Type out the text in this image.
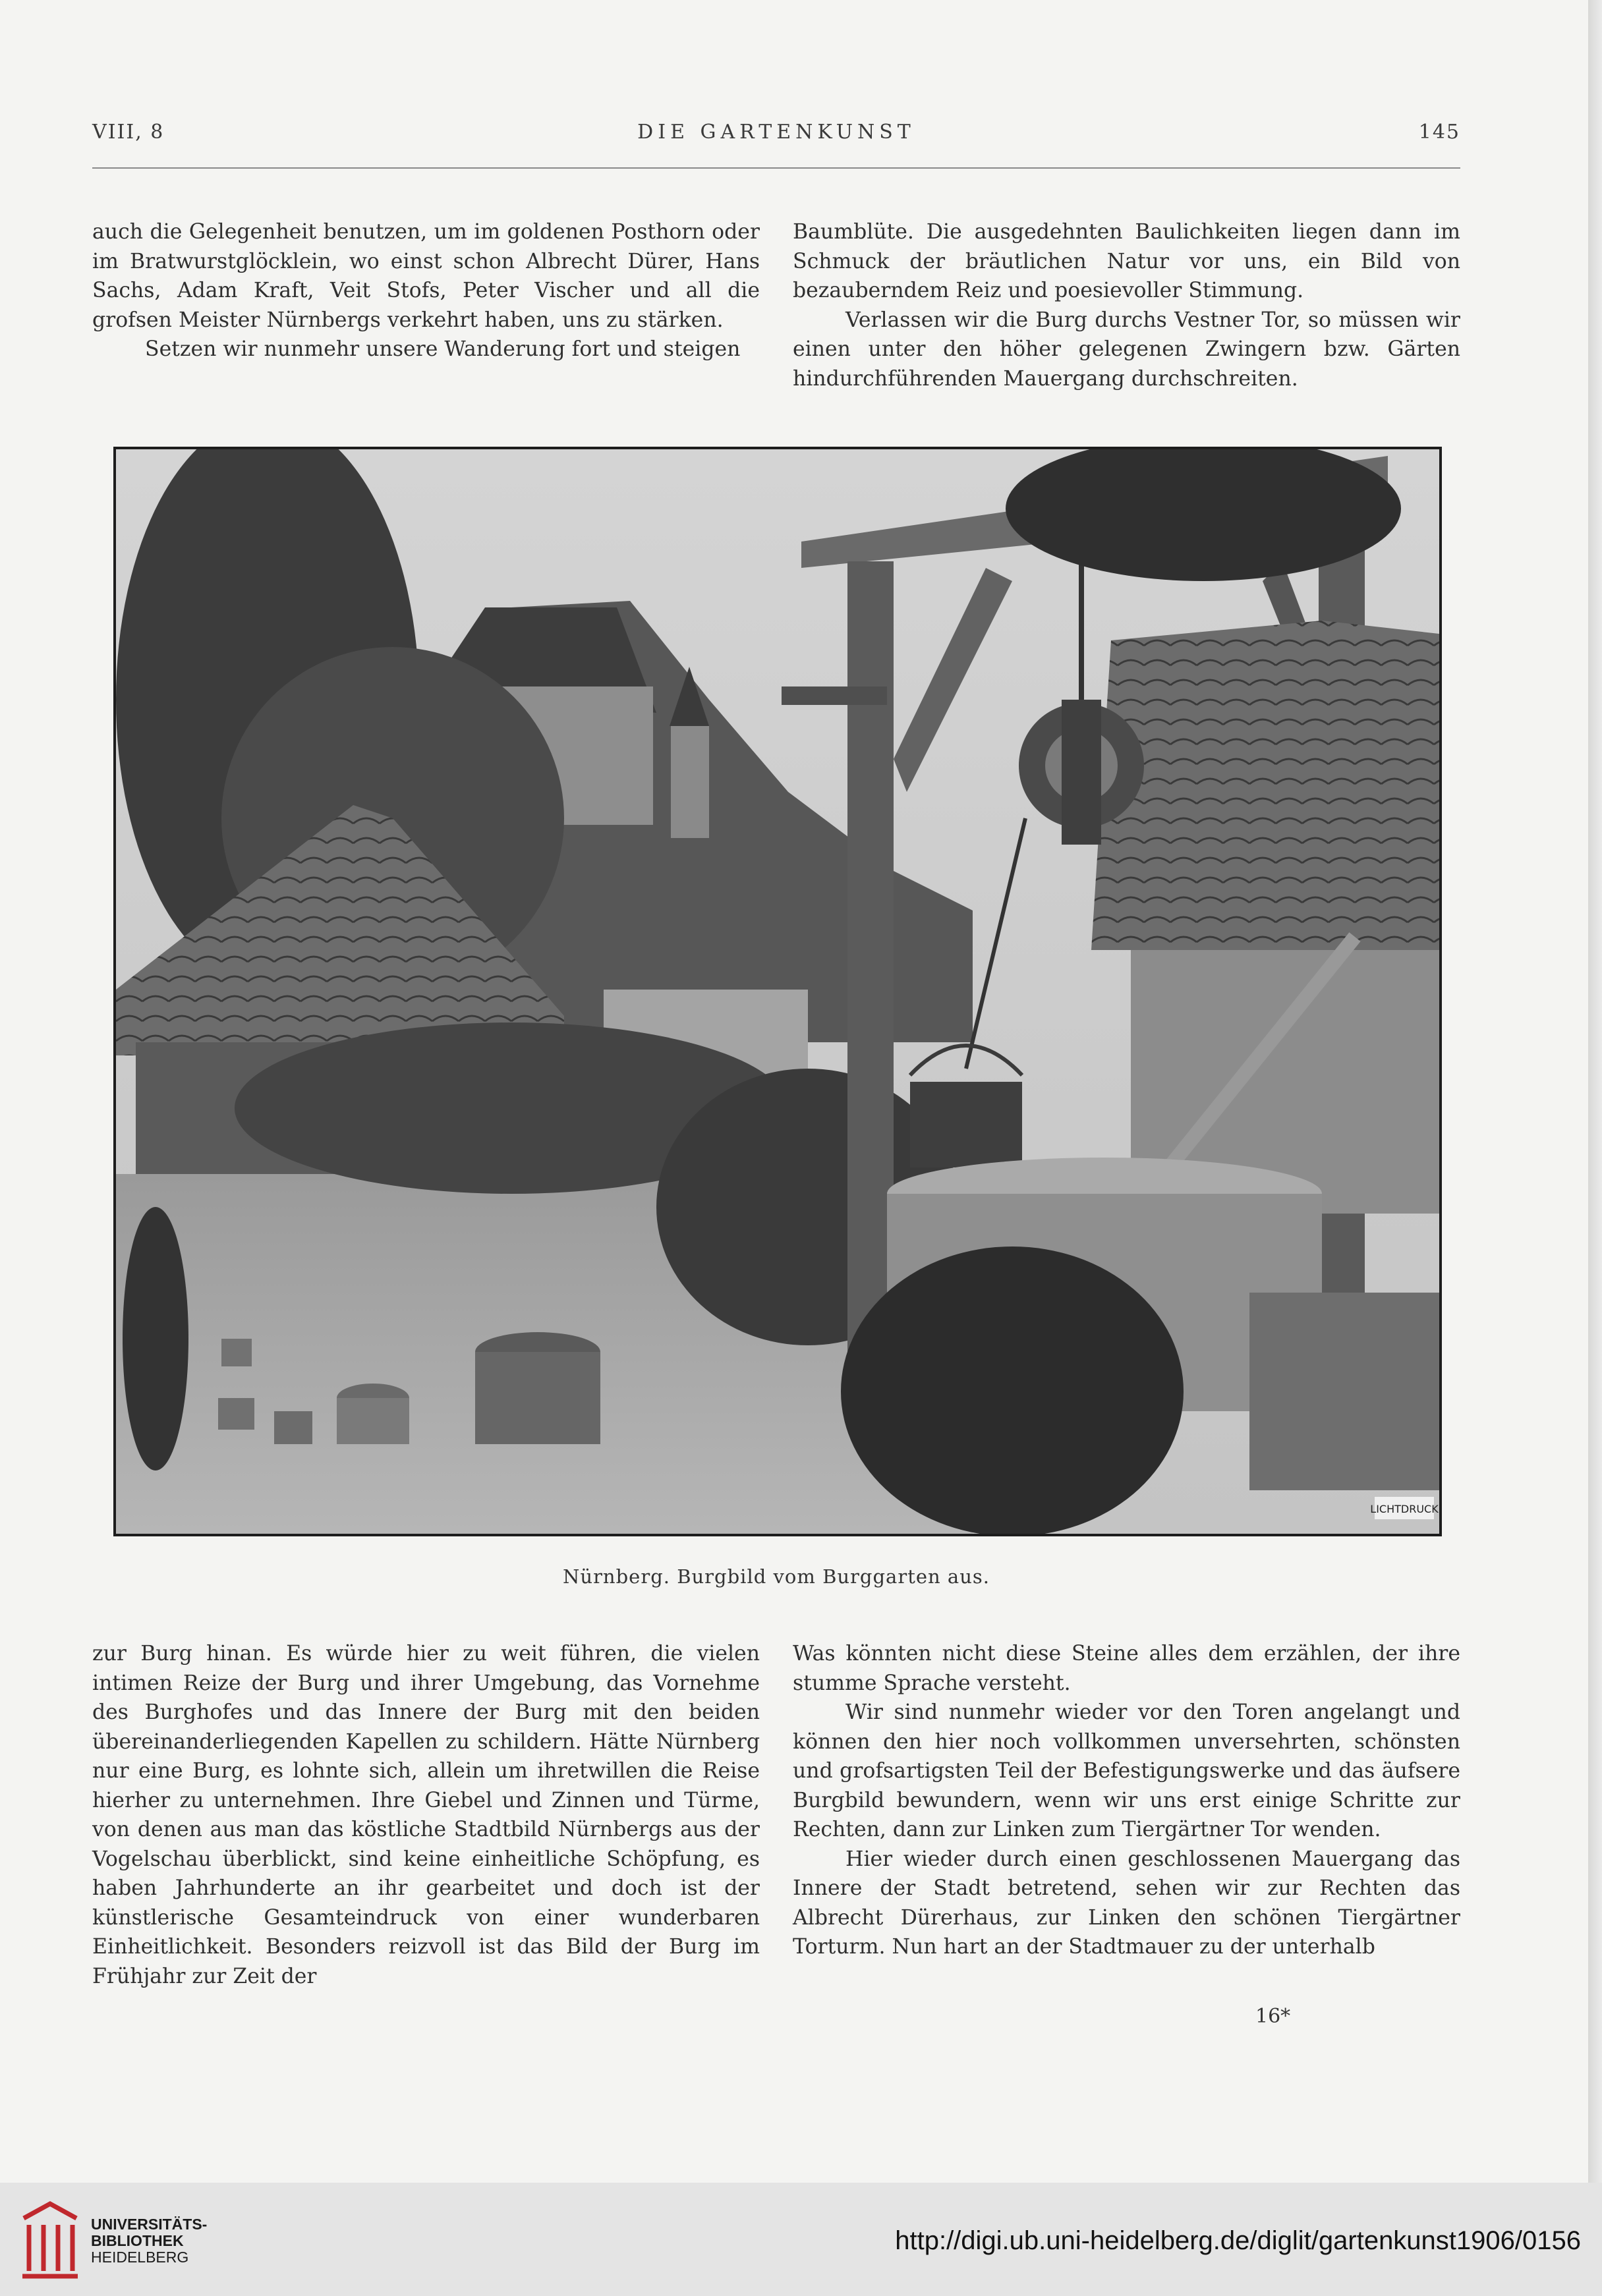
VIII, 8	DIE GARTENKUNST	145

auch die Gelegenheit benutzen, um im goldenen Posthorn oder im Bratwurstglöcklein, wo einst schon Albrecht Dürer, Hans Sachs, Adam Kraft, Veit Stofs, Peter Vischer und all die grofsen Meister Nürnbergs verkehrt haben, uns zu stärken.

Setzen wir nunmehr unsere Wanderung fort und steigen

Baumblüte. Die ausgedehnten Baulichkeiten liegen dann im Schmuck der bräutlichen Natur vor uns, ein Bild von bezauberndem Reiz und poesievoller Stimmung.

Verlassen wir die Burg durchs Vestner Tor, so müssen wir einen unter den höher gelegenen Zwingern bzw. Gärten hindurchführenden Mauergang durchschreiten.

LICHTDRUCK
Nürnberg. Burgbild vom Burggarten aus.

zur Burg hinan. Es würde hier zu weit führen, die vielen intimen Reize der Burg und ihrer Umgebung, das Vornehme des Burghofes und das Innere der Burg mit den beiden übereinanderliegenden Kapellen zu schildern. Hätte Nürnberg nur eine Burg, es lohnte sich, allein um ihretwillen die Reise hierher zu unternehmen. Ihre Giebel und Zinnen und Türme, von denen aus man das köstliche Stadtbild Nürnbergs aus der Vogelschau überblickt, sind keine einheitliche Schöpfung, es haben Jahrhunderte an ihr gearbeitet und doch ist der künstlerische Gesamteindruck von einer wunderbaren Einheitlichkeit. Besonders reizvoll ist das Bild der Burg im Frühjahr zur Zeit der

Was könnten nicht diese Steine alles dem erzählen, der ihre stumme Sprache versteht.

Wir sind nunmehr wieder vor den Toren angelangt und können den hier noch vollkommen unversehrten, schönsten und grofsartigsten Teil der Befestigungswerke und das äufsere Burgbild bewundern, wenn wir uns erst einige Schritte zur Rechten, dann zur Linken zum Tiergärtner Tor wenden.

Hier wieder durch einen geschlossenen Mauergang das Innere der Stadt betretend, sehen wir zur Rechten das Albrecht Dürerhaus, zur Linken den schönen Tiergärtner Torturm. Nun hart an der Stadtmauer zu der unterhalb

16*
UNIVERSITÄTS-
BIBLIOTHEK
HEIDELBERG
http://digi.ub.uni-heidelberg.de/diglit/gartenkunst1906/0156
